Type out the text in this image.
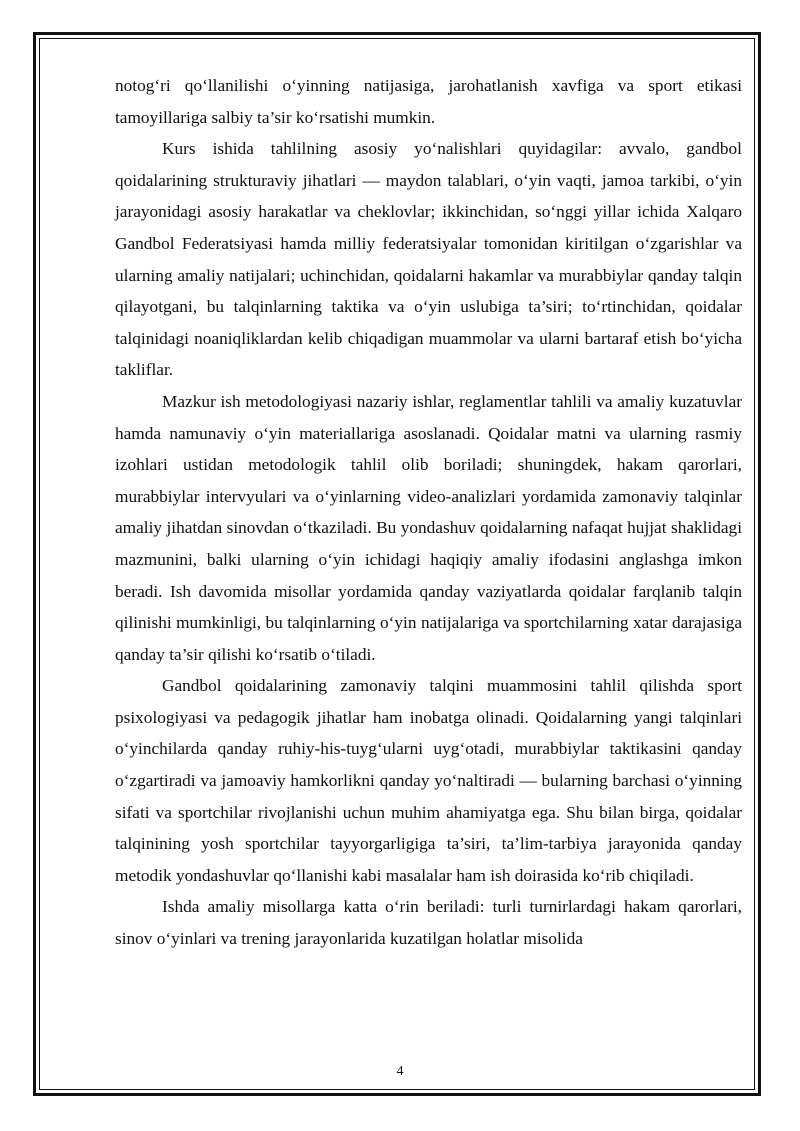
notog‘ri qo‘llanilishi o‘yinning natijasiga, jarohatlanish xavfiga va sport etikasi tamoyillariga salbiy ta’sir ko‘rsatishi mumkin.

Kurs ishida tahlilning asosiy yo‘nalishlari quyidagilar: avvalo, gandbol qoidalarining strukturaviy jihatlari — maydon talablari, o‘yin vaqti, jamoa tarkibi, o‘yin jarayonidagi asosiy harakatlar va cheklovlar; ikkinchidan, so‘nggi yillar ichida Xalqaro Gandbol Federatsiyasi hamda milliy federatsiyalar tomonidan kiritilgan o‘zgarishlar va ularning amaliy natijalari; uchinchidan, qoidalarni hakamlar va murabbiylar qanday talqin qilayotgani, bu talqinlarning taktika va o‘yin uslubiga ta’siri; to‘rtinchidan, qoidalar talqinidagi noaniqliklardan kelib chiqadigan muammolar va ularni bartaraf etish bo‘yicha takliflar.

Mazkur ish metodologiyasi nazariy ishlar, reglamentlar tahlili va amaliy kuzatuvlar hamda namunaviy o‘yin materiallariga asoslanadi. Qoidalar matni va ularning rasmiy izohlari ustidan metodologik tahlil olib boriladi; shuningdek, hakam qarorlari, murabbiylar intervyulari va o‘yinlarning video-analizlari yordamida zamonaviy talqinlar amaliy jihatdan sinovdan o‘tkaziladi. Bu yondashuv qoidalarning nafaqat hujjat shaklidagi mazmunini, balki ularning o‘yin ichidagi haqiqiy amaliy ifodasini anglashga imkon beradi. Ish davomida misollar yordamida qanday vaziyatlarda qoidalar farqlanib talqin qilinishi mumkinligi, bu talqinlarning o‘yin natijalariga va sportchilarning xatar darajasiga qanday ta’sir qilishi ko‘rsatib o‘tiladi.

Gandbol qoidalarining zamonaviy talqini muammosini tahlil qilishda sport psixologiyasi va pedagogik jihatlar ham inobatga olinadi. Qoidalarning yangi talqinlari o‘yinchilarda qanday ruhiy-his-tuyg‘ularni uyg‘otadi, murabbiylar taktikasini qanday o‘zgartiradi va jamoaviy hamkorlikni qanday yo‘naltiradi — bularning barchasi o‘yinning sifati va sportchilar rivojlanishi uchun muhim ahamiyatga ega. Shu bilan birga, qoidalar talqinining yosh sportchilar tayyorgarligiga ta’siri, ta’lim-tarbiya jarayonida qanday metodik yondashuvlar qo‘llanishi kabi masalalar ham ish doirasida ko‘rib chiqiladi.

Ishda amaliy misollarga katta o‘rin beriladi: turli turnirlardagi hakam qarorlari, sinov o‘yinlari va trening jarayonlarida kuzatilgan holatlar misolida

4
